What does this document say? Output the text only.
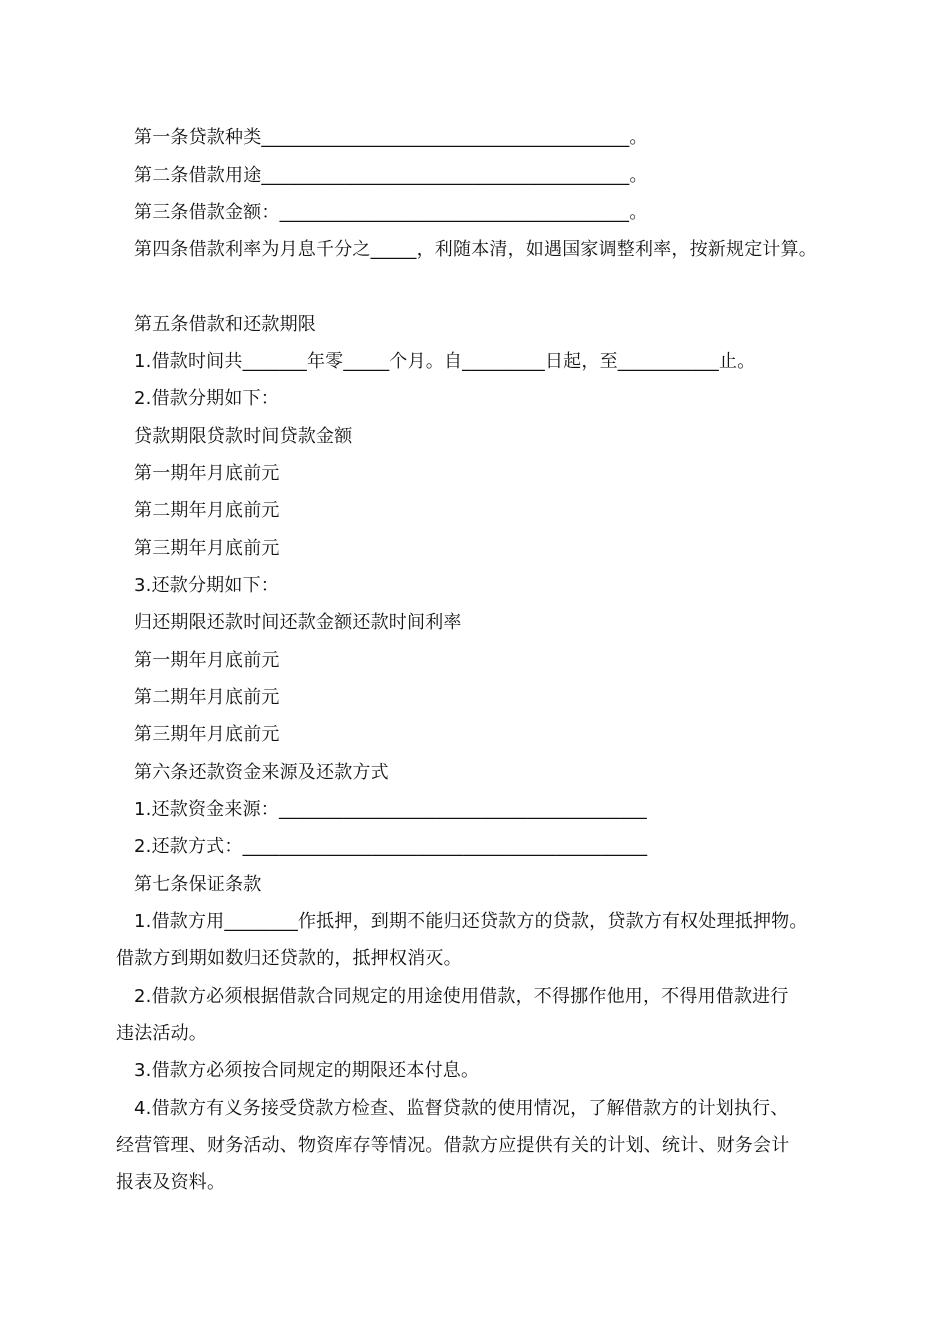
第一条贷款种类________________________________________。
第二条借款用途________________________________________。
第三条借款金额：______________________________________。
第四条借款利率为月息千分之_____，利随本清，如遇国家调整利率，按新规定计算。
第五条借款和还款期限
1.借款时间共_______年零_____个月。自_________日起，至___________止。
2.借款分期如下：
贷款期限贷款时间贷款金额
第一期年月底前元
第二期年月底前元
第三期年月底前元
3.还款分期如下：
归还期限还款时间还款金额还款时间利率
第一期年月底前元
第二期年月底前元
第三期年月底前元
第六条还款资金来源及还款方式
1.还款资金来源：________________________________________
2.还款方式：____________________________________________
第七条保证条款
1.借款方用________作抵押，到期不能归还贷款方的贷款，贷款方有权处理抵押物。
借款方到期如数归还贷款的，抵押权消灭。
2.借款方必须根据借款合同规定的用途使用借款，不得挪作他用，不得用借款进行
违法活动。
3.借款方必须按合同规定的期限还本付息。
4.借款方有义务接受贷款方检查、监督贷款的使用情况，了解借款方的计划执行、
经营管理、财务活动、物资库存等情况。借款方应提供有关的计划、统计、财务会计
报表及资料。
